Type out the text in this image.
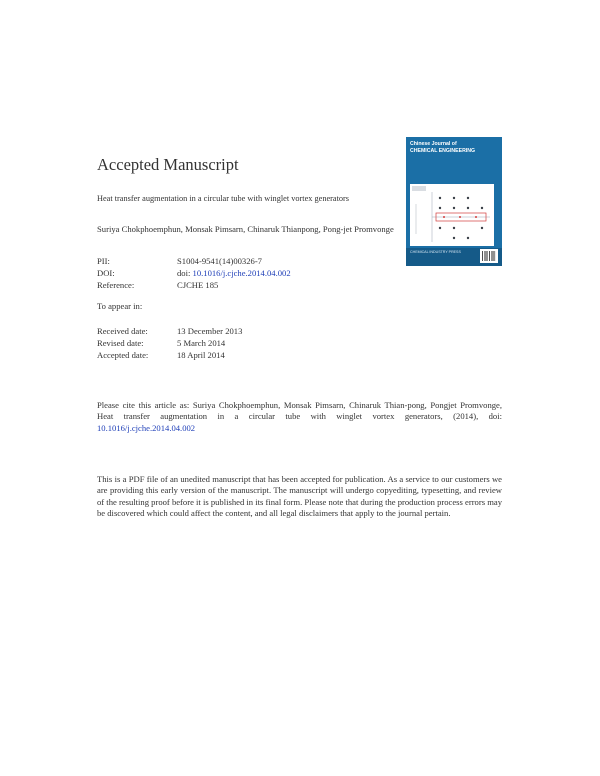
Accepted Manuscript
Heat transfer augmentation in a circular tube with winglet vortex generators
Suriya Chokphoemphun, Monsak Pimsarn, Chinaruk Thianpong, Pong-jet Promvonge
PII:	S1004-9541(14)00326-7
DOI:	doi: 10.1016/j.cjche.2014.04.002
Reference:	CJCHE 185
To appear in:
Received date:	13 December 2013
Revised date:	5 March 2014
Accepted date:	18 April 2014
Please cite this article as: Suriya Chokphoemphun, Monsak Pimsarn, Chinaruk Thian-pong, Pongjet Promvonge, Heat transfer augmentation in a circular tube with winglet vortex generators, (2014), doi: 10.1016/j.cjche.2014.04.002
This is a PDF file of an unedited manuscript that has been accepted for publication. As a service to our customers we are providing this early version of the manuscript. The manuscript will undergo copyediting, typesetting, and review of the resulting proof before it is published in its final form. Please note that during the production process errors may be discovered which could affect the content, and all legal disclaimers that apply to the journal pertain.
Chinese Journal of
CHEMICAL ENGINEERING
CHEMICAL INDUSTRY PRESS
